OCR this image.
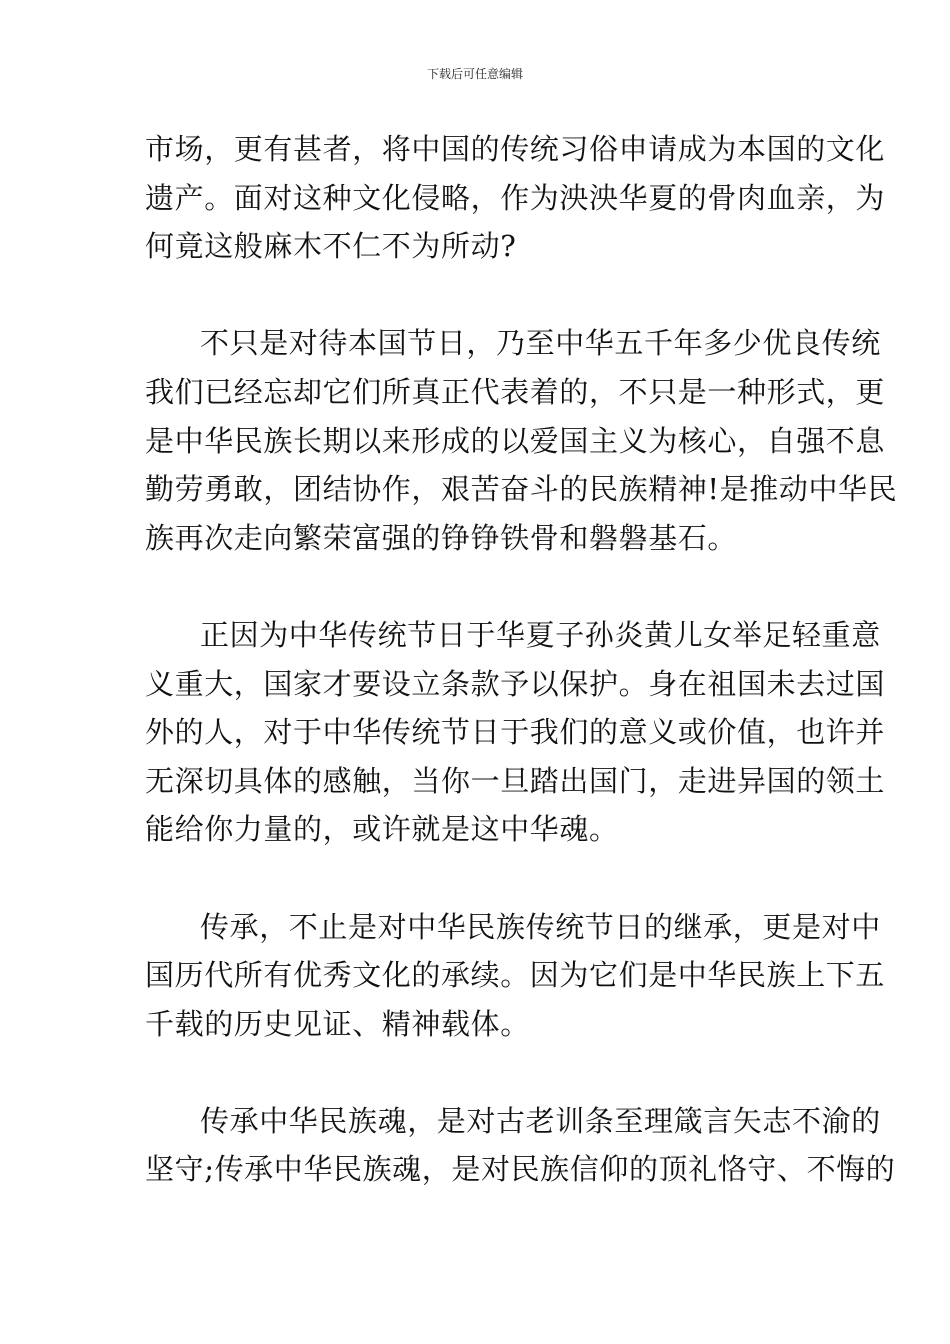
下载后可任意编辑
市场，更有甚者，将中国的传统习俗申请成为本国的文化
遗产。面对这种文化侵略，作为泱泱华夏的骨肉血亲，为
何竟这般麻木不仁不为所动?
不只是对待本国节日，乃至中华五千年多少优良传统
我们已经忘却它们所真正代表着的，不只是一种形式，更
是中华民族长期以来形成的以爱国主义为核心，自强不息
勤劳勇敢，团结协作，艰苦奋斗的民族精神!是推动中华民
族再次走向繁荣富强的铮铮铁骨和磐磐基石。
正因为中华传统节日于华夏子孙炎黄儿女举足轻重意
义重大，国家才要设立条款予以保护。身在祖国未去过国
外的人，对于中华传统节日于我们的意义或价值，也许并
无深切具体的感触，当你一旦踏出国门，走进异国的领土
能给你力量的，或许就是这中华魂。
传承，不止是对中华民族传统节日的继承，更是对中
国历代所有优秀文化的承续。因为它们是中华民族上下五
千载的历史见证、精神载体。
传承中华民族魂，是对古老训条至理箴言矢志不渝的
坚守;传承中华民族魂，是对民族信仰的顶礼恪守、不悔的
